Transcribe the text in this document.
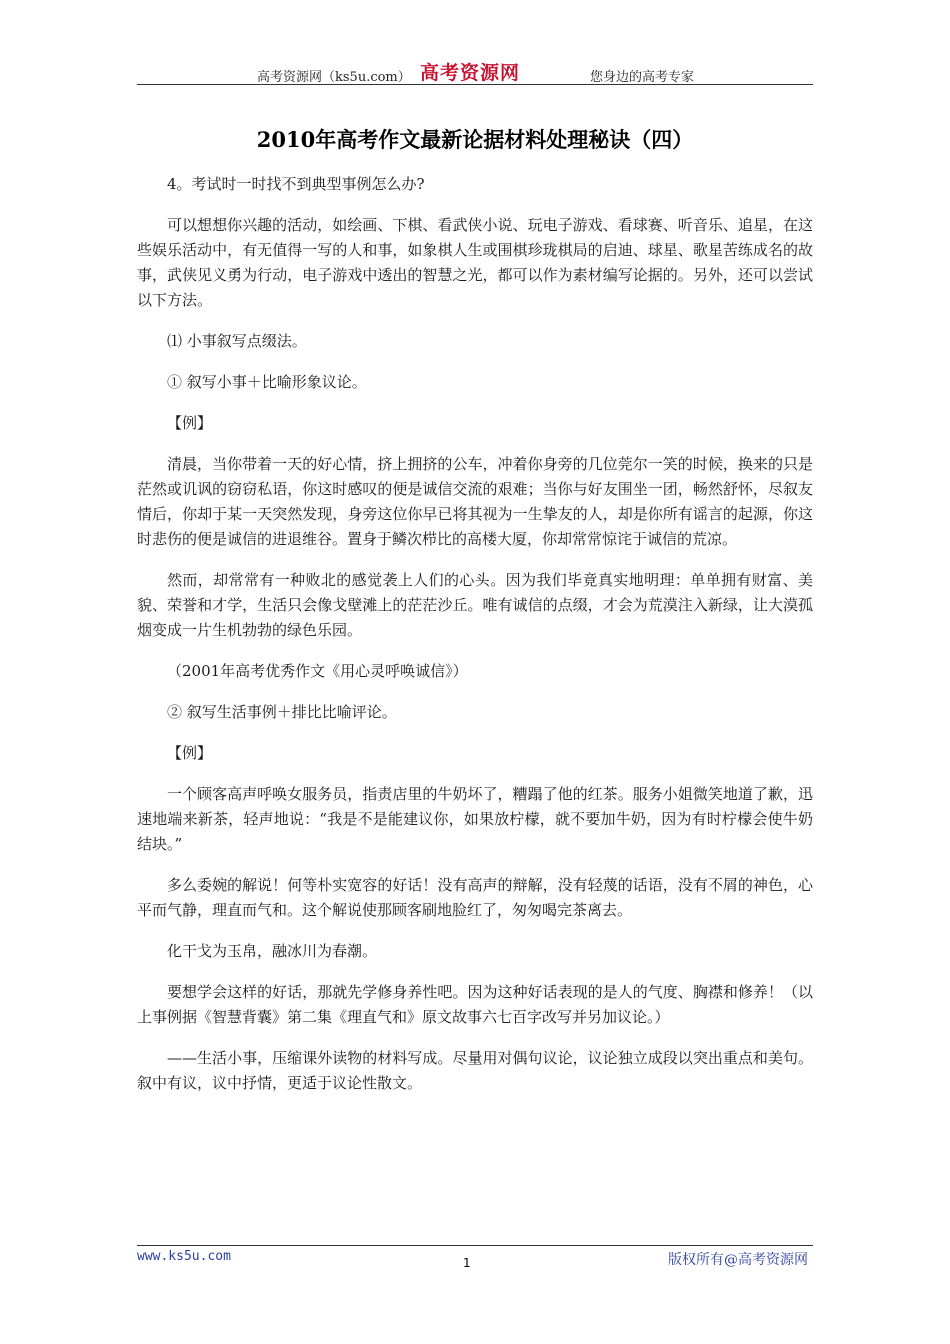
高考资源网（ks5u.com） 高考资源网	您身边的高考专家
2010年高考作文最新论据材料处理秘诀（四）

4。考试时一时找不到典型事例怎么办?

可以想想你兴趣的活动，如绘画、下棋、看武侠小说、玩电子游戏、看球赛、听音乐、追星，在这些娱乐活动中，有无值得一写的人和事，如象棋人生或围棋珍珑棋局的启迪、球星、歌星苦练成名的故事，武侠见义勇为行动，电子游戏中透出的智慧之光，都可以作为素材编写论据的。另外，还可以尝试以下方法。

⑴ 小事叙写点缀法。

① 叙写小事＋比喻形象议论。

【例】

清晨，当你带着一天的好心情，挤上拥挤的公车，冲着你身旁的几位莞尔一笑的时候，换来的只是茫然或讥讽的窃窃私语，你这时感叹的便是诚信交流的艰难；当你与好友围坐一团，畅然舒怀，尽叙友情后，你却于某一天突然发现，身旁这位你早已将其视为一生挚友的人，却是你所有谣言的起源，你这时悲伤的便是诚信的进退维谷。置身于鳞次栉比的高楼大厦，你却常常惊诧于诚信的荒凉。

然而，却常常有一种败北的感觉袭上人们的心头。因为我们毕竟真实地明理：单单拥有财富、美貌、荣誉和才学，生活只会像戈壁滩上的茫茫沙丘。唯有诚信的点缀，才会为荒漠注入新绿，让大漠孤烟变成一片生机勃勃的绿色乐园。

（2001年高考优秀作文《用心灵呼唤诚信》）

② 叙写生活事例＋排比比喻评论。

【例】

一个顾客高声呼唤女服务员，指责店里的牛奶坏了，糟蹋了他的红茶。服务小姐微笑地道了歉，迅速地端来新茶，轻声地说：“我是不是能建议你，如果放柠檬，就不要加牛奶，因为有时柠檬会使牛奶结块。”

多么委婉的解说！何等朴实宽容的好话！没有高声的辩解，没有轻蔑的话语，没有不屑的神色，心平而气静，理直而气和。这个解说使那顾客刷地脸红了，匆匆喝完茶离去。

化干戈为玉帛，融冰川为春潮。

要想学会这样的好话，那就先学修身养性吧。因为这种好话表现的是人的气度、胸襟和修养！（以上事例据《智慧背囊》第二集《理直气和》原文故事六七百字改写并另加议论。）

——生活小事，压缩课外读物的材料写成。尽量用对偶句议论，议论独立成段以突出重点和美句。叙中有议，议中抒情，更适于议论性散文。

www.ks5u.com	1	版权所有@高考资源网
